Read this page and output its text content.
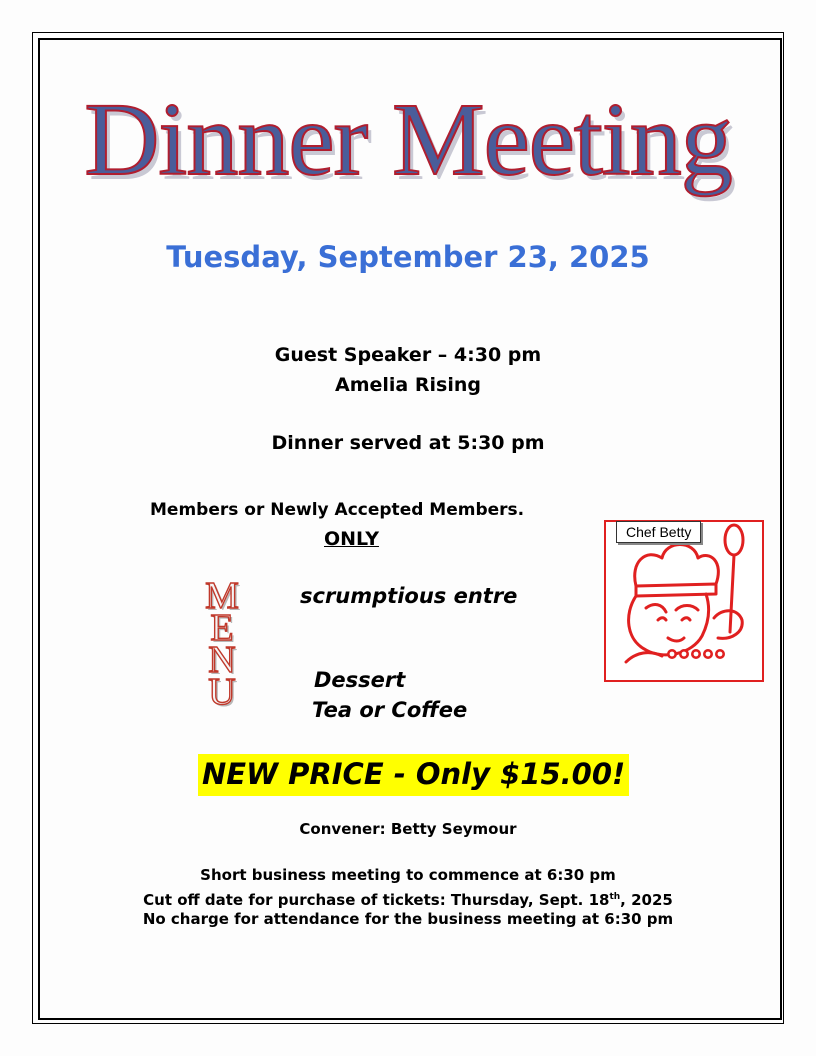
Dinner Meeting
Tuesday, September 23, 2025
Guest Speaker – 4:30 pm
Amelia Rising
Dinner served at 5:30 pm
Members or Newly Accepted Members.
ONLY
M
E
N
U
scrumptious entre
Dessert
Tea or Coffee
Chef Betty
NEW PRICE - Only $15.00!
Convener: Betty Seymour
Short business meeting to commence at 6:30 pm
Cut off date for purchase of tickets: Thursday, Sept. 18th, 2025
No charge for attendance for the business meeting at 6:30 pm
